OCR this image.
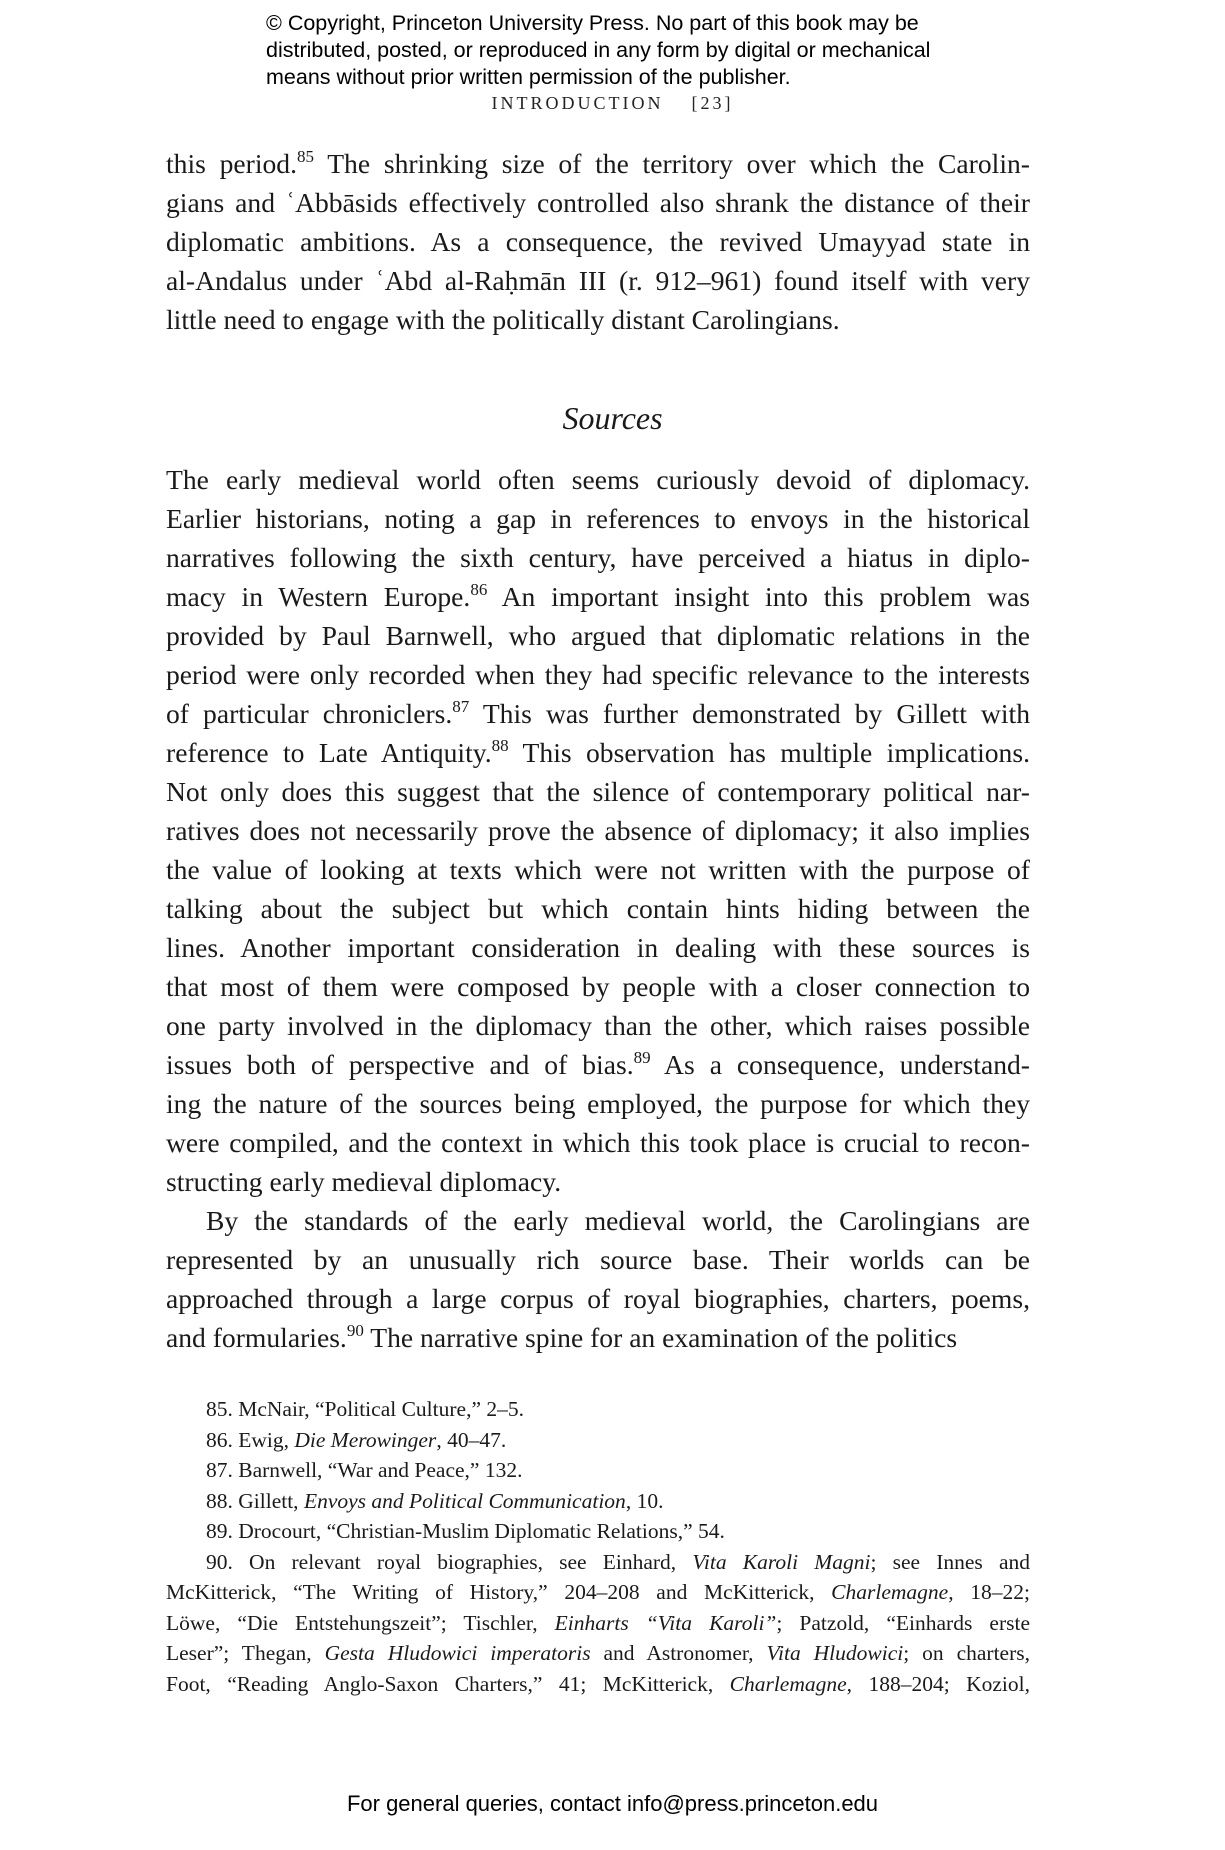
© Copyright, Princeton University Press. No part of this book may be
distributed, posted, or reproduced in any form by digital or mechanical
means without prior written permission of the publisher.
INTRODUCTION [23]
this period.$^{85}$ The shrinking size of the territory over which the Carolin-
gians and ʿAbbāsids effectively controlled also shrank the distance of their
diplomatic ambitions. As a consequence, the revived Umayyad state in
al-Andalus under ʿAbd al-Raḥmān III (r. 912–961) found itself with very
little need to engage with the politically distant Carolingians.
Sources
The early medieval world often seems curiously devoid of diplomacy.
Earlier historians, noting a gap in references to envoys in the historical
narratives following the sixth century, have perceived a hiatus in diplo-
macy in Western Europe.$^{86}$ An important insight into this problem was
provided by Paul Barnwell, who argued that diplomatic relations in the
period were only recorded when they had specific relevance to the interests
of particular chroniclers.$^{87}$ This was further demonstrated by Gillett with
reference to Late Antiquity.$^{88}$ This observation has multiple implications.
Not only does this suggest that the silence of contemporary political nar-
ratives does not necessarily prove the absence of diplomacy; it also implies
the value of looking at texts which were not written with the purpose of
talking about the subject but which contain hints hiding between the
lines. Another important consideration in dealing with these sources is
that most of them were composed by people with a closer connection to
one party involved in the diplomacy than the other, which raises possible
issues both of perspective and of bias.$^{89}$ As a consequence, understand-
ing the nature of the sources being employed, the purpose for which they
were compiled, and the context in which this took place is crucial to recon-
structing early medieval diplomacy.
By the standards of the early medieval world, the Carolingians are
represented by an unusually rich source base. Their worlds can be
approached through a large corpus of royal biographies, charters, poems,
and formularies.$^{90}$ The narrative spine for an examination of the politics
85. McNair, “Political Culture,” 2–5.
86. Ewig, Die Merowinger, 40–47.
87. Barnwell, “War and Peace,” 132.
88. Gillett, Envoys and Political Communication, 10.
89. Drocourt, “Christian-Muslim Diplomatic Relations,” 54.
90. On relevant royal biographies, see Einhard, Vita Karoli Magni; see Innes and
McKitterick, “The Writing of History,” 204–208 and McKitterick, Charlemagne, 18–22;
Löwe, “Die Entstehungszeit”; Tischler, Einharts “Vita Karoli”; Patzold, “Einhards erste
Leser”; Thegan, Gesta Hludowici imperatoris and Astronomer, Vita Hludowici; on charters,
Foot, “Reading Anglo-Saxon Charters,” 41; McKitterick, Charlemagne, 188–204; Koziol,
For general queries, contact info@press.princeton.edu
